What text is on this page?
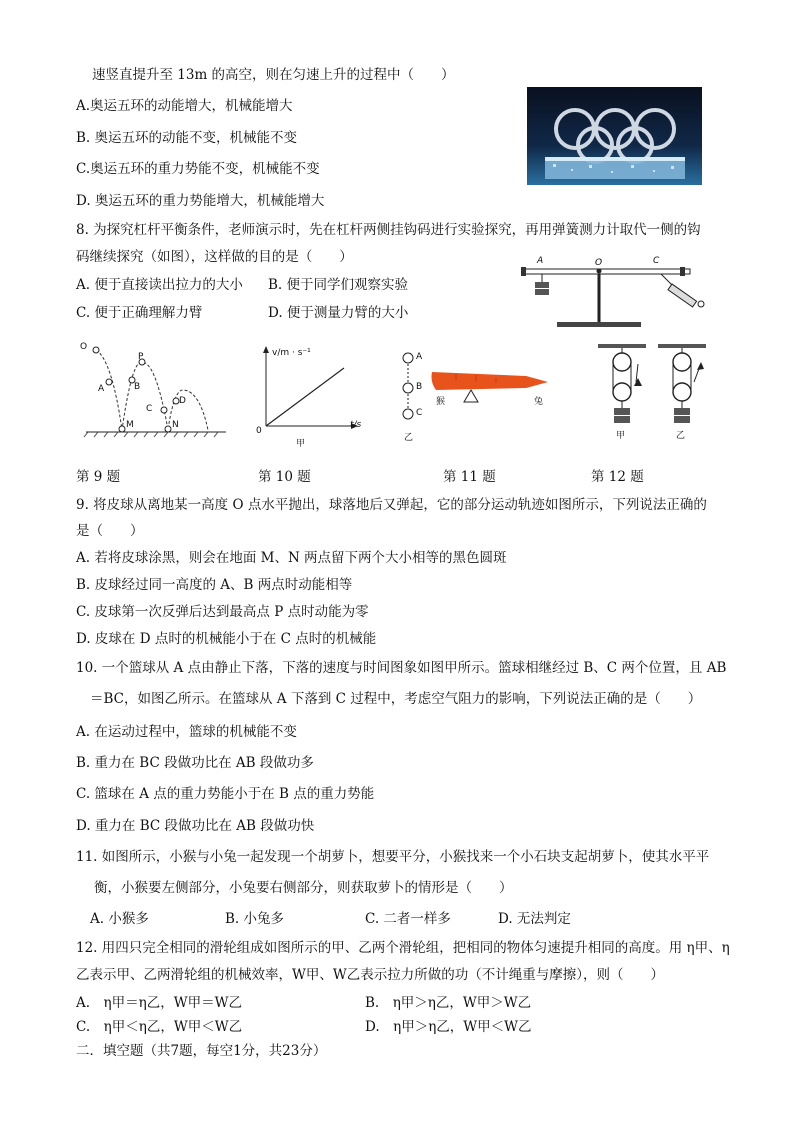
速竖直提升至 13m 的高空，则在匀速上升的过程中（　　）
A.奥运五环的动能增大，机械能增大
B. 奥运五环的动能不变，机械能不变
C.奥运五环的重力势能不变，机械能不变
D. 奥运五环的重力势能增大，机械能增大
8. 为探究杠杆平衡条件，老师演示时，先在杠杆两侧挂钩码进行实验探究，再用弹簧测力计取代一侧的钩
码继续探究（如图），这样做的目的是（　　）
A. 便于直接读出拉力的大小 B. 便于同学们观察实验
C. 便于正确理解力臂	D. 便于测量力臂的大小
A	O	C
O
P
A	B
C
D
M	N
v/m · s⁻¹
t/s
0
甲
A
B
C
乙
猴	兔
甲	乙
第 9 题	第 10 题	第 11 题	第 12 题
9. 将皮球从离地某一高度 O 点水平抛出，球落地后又弹起，它的部分运动轨迹如图所示，下列说法正确的
是（　　）
A. 若将皮球涂黑，则会在地面 M、N 两点留下两个大小相等的黑色圆斑
B. 皮球经过同一高度的 A、B 两点时动能相等
C. 皮球第一次反弹后达到最高点 P 点时动能为零
D. 皮球在 D 点时的机械能小于在 C 点时的机械能
10. 一个篮球从 A 点由静止下落，下落的速度与时间图象如图甲所示。篮球相继经过 B、C 两个位置，且 AB
＝BC，如图乙所示。在篮球从 A 下落到 C 过程中，考虑空气阻力的影响，下列说法正确的是（　　）
A. 在运动过程中，篮球的机械能不变
B. 重力在 BC 段做功比在 AB 段做功多
C. 篮球在 A 点的重力势能小于在 B 点的重力势能
D. 重力在 BC 段做功比在 AB 段做功快
11. 如图所示，小猴与小兔一起发现一个胡萝卜，想要平分，小猴找来一个小石块支起胡萝卜，使其水平平
衡，小猴要左侧部分，小兔要右侧部分，则获取萝卜的情形是（　　）
A. 小猴多	B. 小兔多	C. 二者一样多	D. 无法判定
12. 用四只完全相同的滑轮组成如图所示的甲、乙两个滑轮组，把相同的物体匀速提升相同的高度。用 η甲、η
乙表示甲、乙两滑轮组的机械效率，W甲、W乙表示拉力所做的功（不计绳重与摩擦），则（　　）
A.　η甲＝η乙，W甲＝W乙	B.　η甲＞η乙，W甲＞W乙
C.　η甲＜η乙，W甲＜W乙	D.　η甲＞η乙，W甲＜W乙
二．填空题（共7题，每空1分，共23分）
